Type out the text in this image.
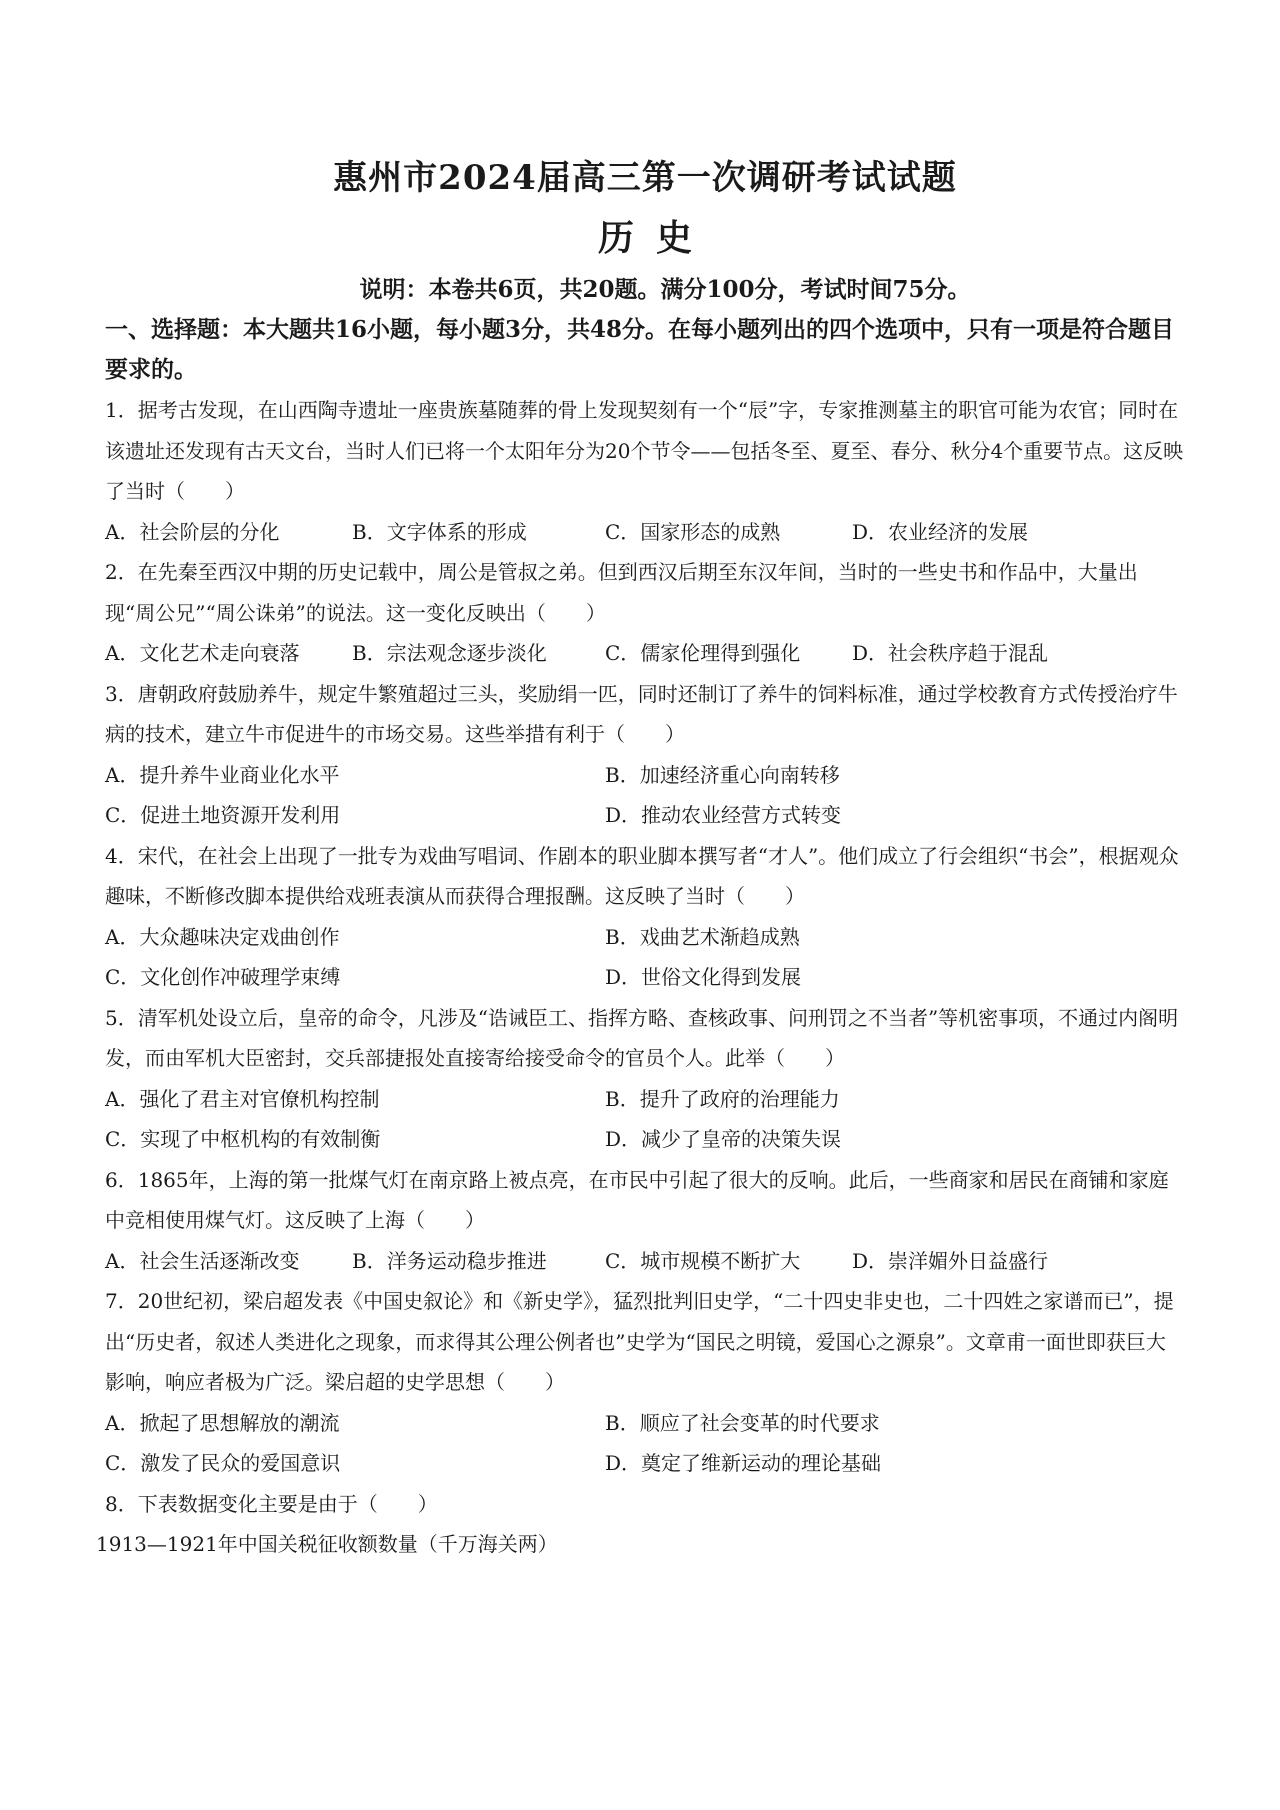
惠州市2024届高三第一次调研考试试题
历史
说明：本卷共6页，共20题。满分100分，考试时间75分。

一、选择题：本大题共16小题，每小题3分，共48分。在每小题列出的四个选项中，只有一项是符合题目要求的。

1．据考古发现，在山西陶寺遗址一座贵族墓随葬的骨上发现契刻有一个“辰”字，专家推测墓主的职官可能为农官；同时在该遗址还发现有古天文台，当时人们已将一个太阳年分为20个节令——包括冬至、夏至、春分、秋分4个重要节点。这反映了当时（　　）

A．社会阶层的分化	B．文字体系的形成	C．国家形态的成熟	D．农业经济的发展

2．在先秦至西汉中期的历史记载中，周公是管叔之弟。但到西汉后期至东汉年间，当时的一些史书和作品中，大量出现“周公兄”“周公诛弟”的说法。这一变化反映出（　　）

A．文化艺术走向衰落	B．宗法观念逐步淡化	C．儒家伦理得到强化	D．社会秩序趋于混乱

3．唐朝政府鼓励养牛，规定牛繁殖超过三头，奖励绢一匹，同时还制订了养牛的饲料标准，通过学校教育方式传授治疗牛病的技术，建立牛市促进牛的市场交易。这些举措有利于（　　）

A．提升养牛业商业化水平	B．加速经济重心向南转移
C．促进土地资源开发利用	D．推动农业经营方式转变

4．宋代，在社会上出现了一批专为戏曲写唱词、作剧本的职业脚本撰写者“才人”。他们成立了行会组织“书会”，根据观众趣味，不断修改脚本提供给戏班表演从而获得合理报酬。这反映了当时（　　）

A．大众趣味决定戏曲创作	B．戏曲艺术渐趋成熟
C．文化创作冲破理学束缚	D．世俗文化得到发展

5．清军机处设立后，皇帝的命令，凡涉及“诰诫臣工、指挥方略、查核政事、问刑罚之不当者”等机密事项，不通过内阁明发，而由军机大臣密封，交兵部捷报处直接寄给接受命令的官员个人。此举（　　）

A．强化了君主对官僚机构控制	B．提升了政府的治理能力
C．实现了中枢机构的有效制衡	D．减少了皇帝的决策失误

6．1865年，上海的第一批煤气灯在南京路上被点亮，在市民中引起了很大的反响。此后，一些商家和居民在商铺和家庭中竞相使用煤气灯。这反映了上海（　　）

A．社会生活逐渐改变	B．洋务运动稳步推进	C．城市规模不断扩大	D．崇洋媚外日益盛行

7．20世纪初，梁启超发表《中国史叙论》和《新史学》，猛烈批判旧史学，“二十四史非史也，二十四姓之家谱而已”，提出“历史者，叙述人类进化之现象，而求得其公理公例者也”史学为“国民之明镜，爱国心之源泉”。文章甫一面世即获巨大影响，响应者极为广泛。梁启超的史学思想（　　）

A．掀起了思想解放的潮流	B．顺应了社会变革的时代要求
C．激发了民众的爱国意识	D．奠定了维新运动的理论基础

8．下表数据变化主要是由于（　　）

1913—1921年中国关税征收额数量（千万海关两）
